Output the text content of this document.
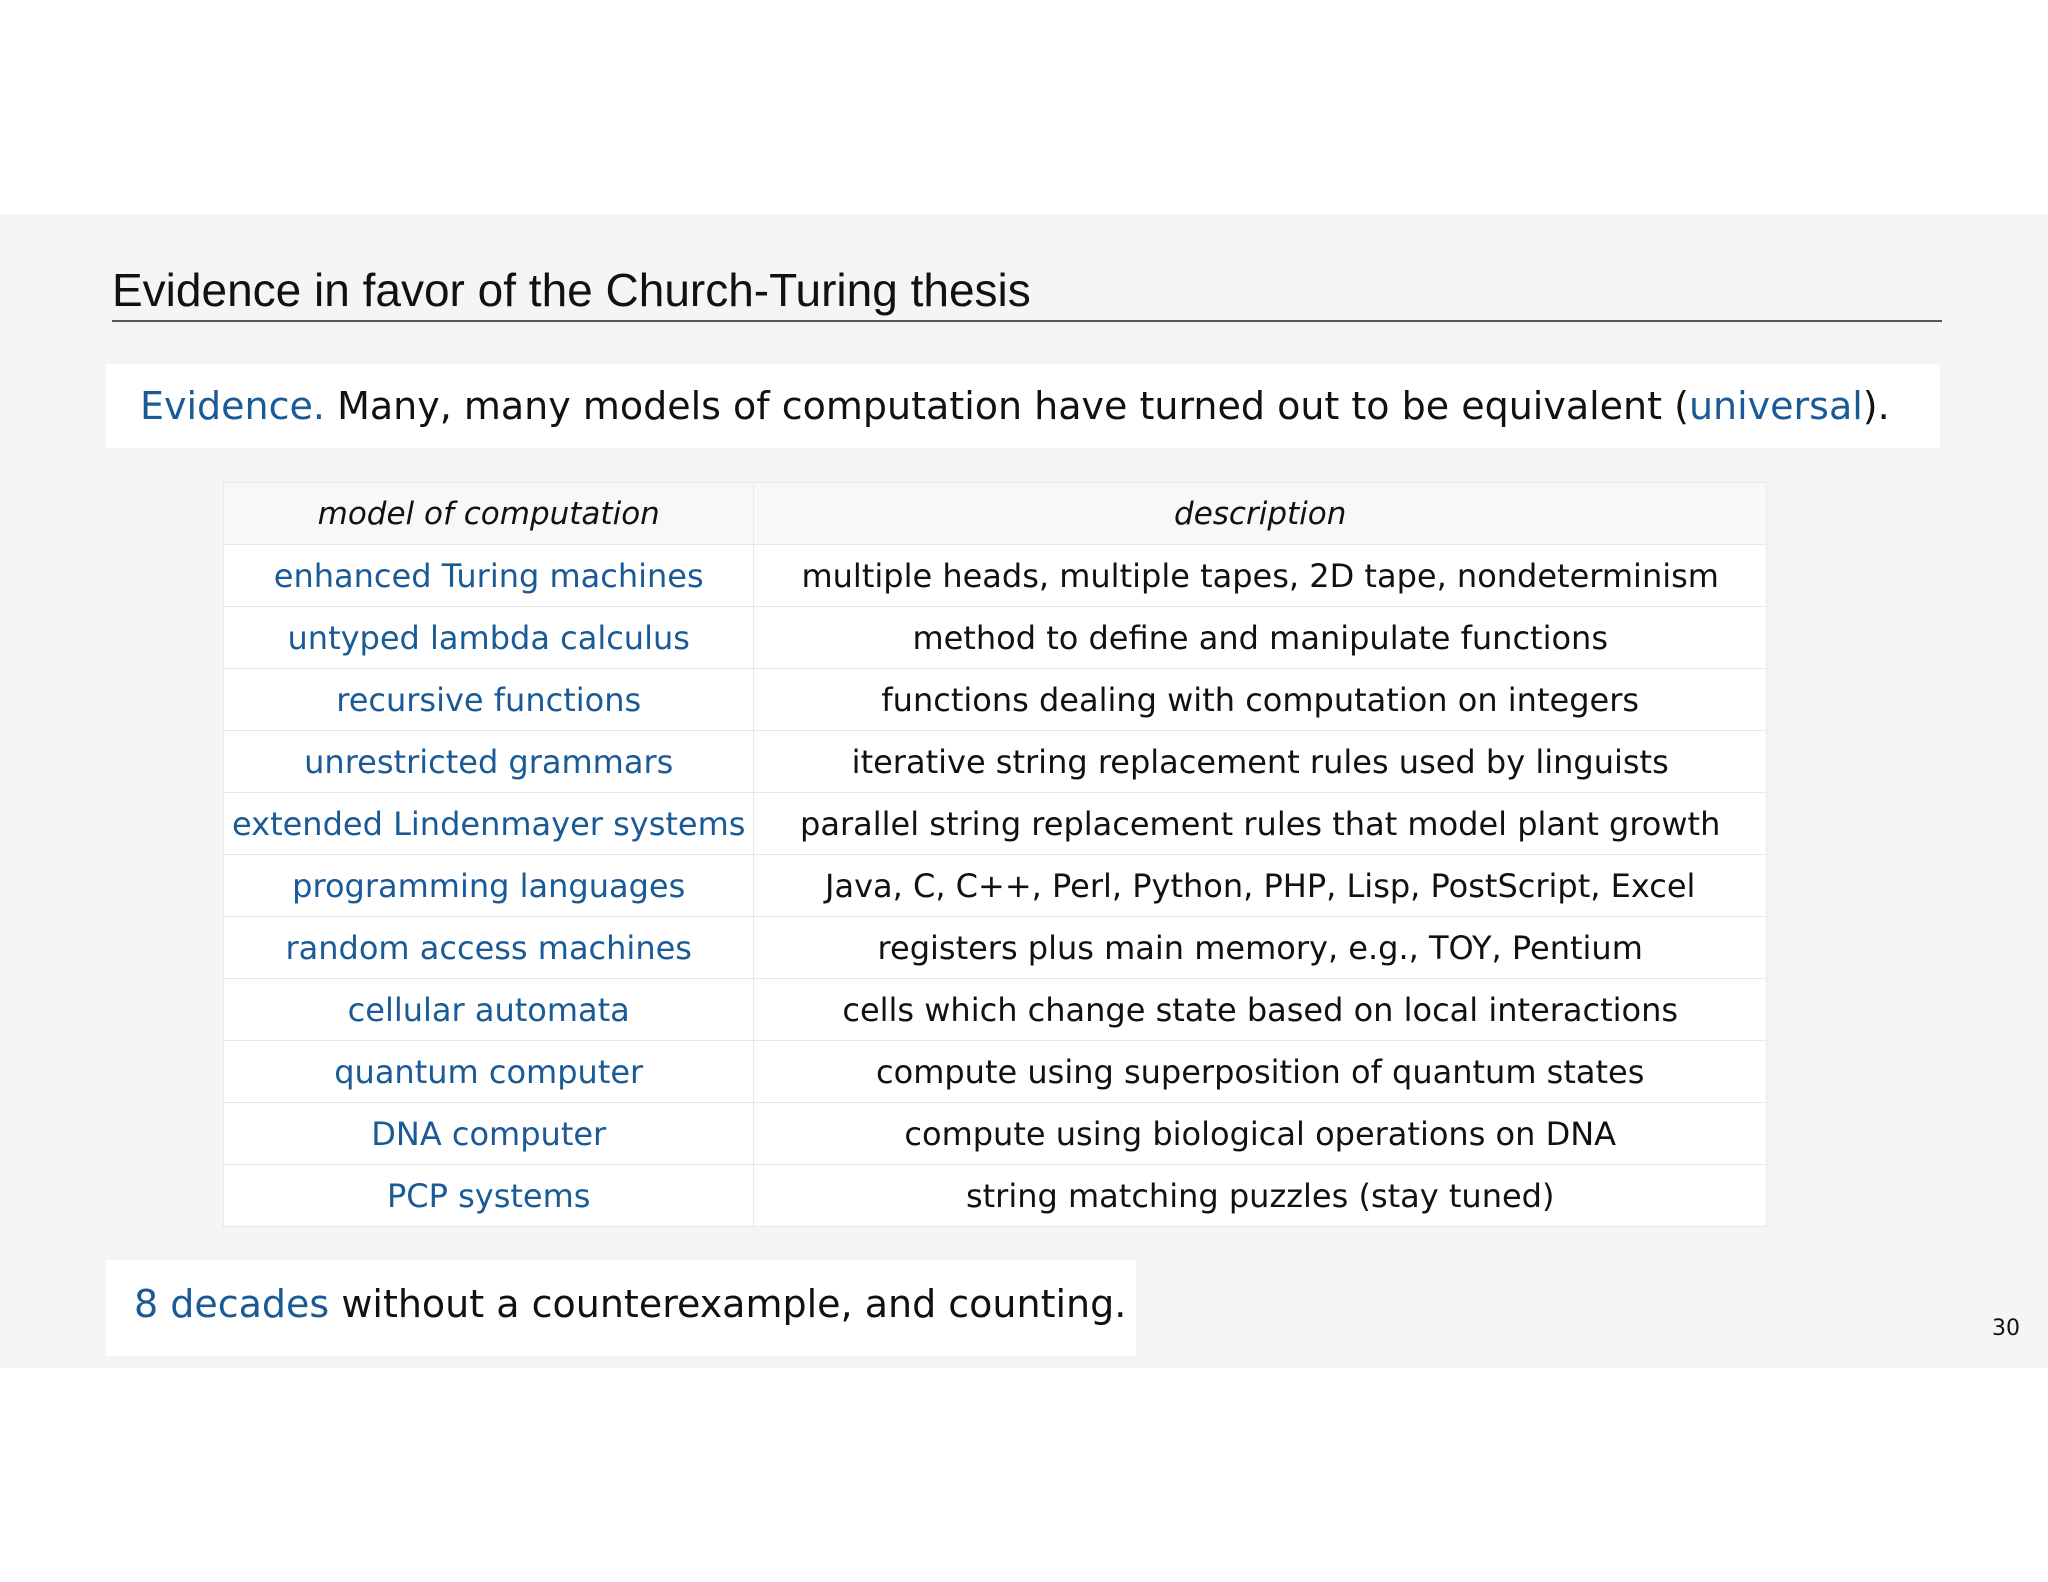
Evidence in favor of the Church-Turing thesis
Evidence. Many, many models of computation have turned out to be equivalent (universal).
model of computation	description
enhanced Turing machines	multiple heads, multiple tapes, 2D tape, nondeterminism
untyped lambda calculus	method to define and manipulate functions
recursive functions	functions dealing with computation on integers
unrestricted grammars	iterative string replacement rules used by linguists
extended Lindenmayer systems	parallel string replacement rules that model plant growth
programming languages	Java, C, C++, Perl, Python, PHP, Lisp, PostScript, Excel
random access machines	registers plus main memory, e.g., TOY, Pentium
cellular automata	cells which change state based on local interactions
quantum computer	compute using superposition of quantum states
DNA computer	compute using biological operations on DNA
PCP systems	string matching puzzles (stay tuned)
8 decades without a counterexample, and counting.
30
